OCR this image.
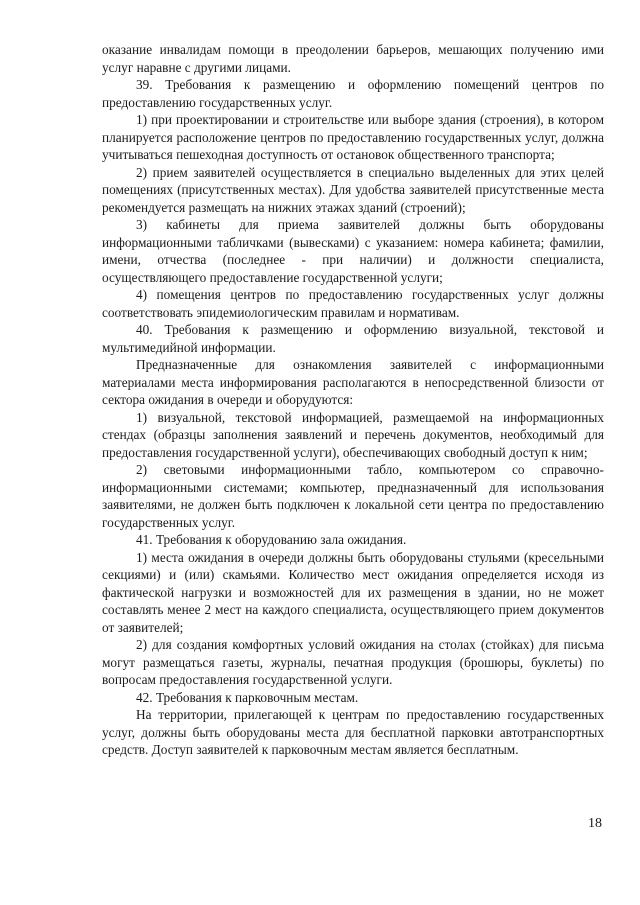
оказание инвалидам помощи в преодолении барьеров, мешающих получению ими услуг наравне с другими лицами.

39. Требования к размещению и оформлению помещений центров по предоставлению государственных услуг.

1) при проектировании и строительстве или выборе здания (строения), в котором планируется расположение центров по предоставлению государственных услуг, должна учитываться пешеходная доступность от остановок общественного транспорта;

2) прием заявителей осуществляется в специально выделенных для этих целей помещениях (присутственных местах). Для удобства заявителей присутственные места рекомендуется размещать на нижних этажах зданий (строений);

3) кабинеты для приема заявителей должны быть оборудованы информационными табличками (вывесками) с указанием: номера кабинета; фамилии, имени, отчества (последнее - при наличии) и должности специалиста, осуществляющего предоставление государственной услуги;

4) помещения центров по предоставлению государственных услуг должны соответствовать эпидемиологическим правилам и нормативам.

40. Требования к размещению и оформлению визуальной, текстовой и мультимедийной информации.

Предназначенные для ознакомления заявителей с информационными материалами места информирования располагаются в непосредственной близости от сектора ожидания в очереди и оборудуются:

1) визуальной, текстовой информацией, размещаемой на информационных стендах (образцы заполнения заявлений и перечень документов, необходимый для предоставления государственной услуги), обеспечивающих свободный доступ к ним;

2) световыми информационными табло, компьютером со справочно-информационными системами; компьютер, предназначенный для использования заявителями, не должен быть подключен к локальной сети центра по предоставлению государственных услуг.

41. Требования к оборудованию зала ожидания.

1) места ожидания в очереди должны быть оборудованы стульями (кресельными секциями) и (или) скамьями. Количество мест ожидания определяется исходя из фактической нагрузки и возможностей для их размещения в здании, но не может составлять менее 2 мест на каждого специалиста, осуществляющего прием документов от заявителей;

2) для создания комфортных условий ожидания на столах (стойках) для письма могут размещаться газеты, журналы, печатная продукция (брошюры, буклеты) по вопросам предоставления государственной услуги.

42. Требования к парковочным местам.

На территории, прилегающей к центрам по предоставлению государственных услуг, должны быть оборудованы места для бесплатной парковки автотранспортных средств. Доступ заявителей к парковочным местам является бесплатным.

18
